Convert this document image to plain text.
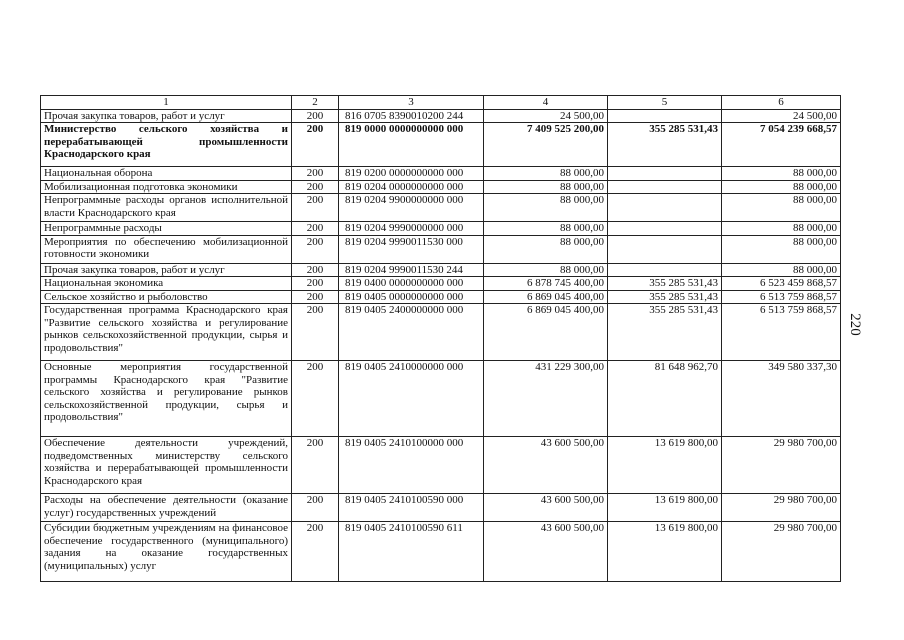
1	2	3	4	5	6
Прочая закупка товаров, работ и услуг	200	816 0705 8390010200 244	24 500,00		24 500,00
Министерство сельского хозяйства и перерабатывающей промышленности Краснодарского края	200	819 0000 0000000000 000	7 409 525 200,00	355 285 531,43	7 054 239 668,57
Национальная оборона	200	819 0200 0000000000 000	88 000,00		88 000,00
Мобилизационная подготовка экономики	200	819 0204 0000000000 000	88 000,00		88 000,00
Непрограммные расходы органов исполнительной власти Краснодарского края	200	819 0204 9900000000 000	88 000,00		88 000,00
Непрограммные расходы	200	819 0204 9990000000 000	88 000,00		88 000,00
Мероприятия по обеспечению мобилизационной готовности экономики	200	819 0204 9990011530 000	88 000,00		88 000,00
Прочая закупка товаров, работ и услуг	200	819 0204 9990011530 244	88 000,00		88 000,00
Национальная экономика	200	819 0400 0000000000 000	6 878 745 400,00	355 285 531,43	6 523 459 868,57
Сельское хозяйство и рыболовство	200	819 0405 0000000000 000	6 869 045 400,00	355 285 531,43	6 513 759 868,57
Государственная программа Краснодарского края "Развитие сельского хозяйства и регулирование рынков сельскохозяйственной продукции, сырья и продовольствия"	200	819 0405 2400000000 000	6 869 045 400,00	355 285 531,43	6 513 759 868,57
Основные мероприятия государственной программы Краснодарского края "Развитие сельского хозяйства и регулирование рынков сельскохозяйственной продукции, сырья и продовольствия"	200	819 0405 2410000000 000	431 229 300,00	81 648 962,70	349 580 337,30
Обеспечение деятельности учреждений, подведомственных министерству сельского хозяйства и перерабатывающей промышленности Краснодарского края	200	819 0405 2410100000 000	43 600 500,00	13 619 800,00	29 980 700,00
Расходы на обеспечение деятельности (оказание услуг) государственных учреждений	200	819 0405 2410100590 000	43 600 500,00	13 619 800,00	29 980 700,00
Субсидии бюджетным учреждениям на финансовое обеспечение государственного (муниципального) задания на оказание государственных (муниципальных) услуг	200	819 0405 2410100590 611	43 600 500,00	13 619 800,00	29 980 700,00
220
